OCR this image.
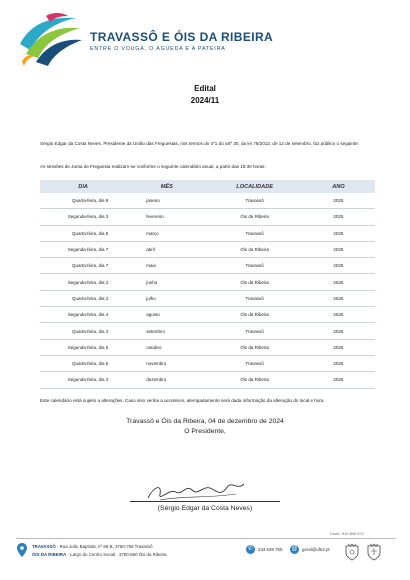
TRAVASSÔ E ÓIS DA RIBEIRA
ENTRE O VOUGA, O ÁGUEDA E A PATEIRA
Edital
2024/11
Sérgio Edgar da Costa Neves, Presidente da União das Freguesias, nos termos do nº1 do artº 20, da lei 75/2013, de 12 de setembro, faz público o seguinte:
As sessões de Junta de Freguesia realizam-se conforme o seguinte calendário anual, a partir das 18:30 horas:
DIA	MÊS	LOCALIDADE	ANO
Quarta-feira, dia 8	janeiro	Travassô	2025
Segunda-feira, dia 3	fevereiro	Óis da Ribeira	2025
Quarta-feira, dia 5	março	Travassô	2025
Segunda-feira, dia 7	abril	Óis da Ribeira	2025
Quarta-feira, dia 7	maio	Travassô	2025
Segunda-feira, dia 2	junho	Óis da Ribeira	2025
Quarta-feira, dia 2	julho	Travassô	2025
Segunda-feira, dia 4	agosto	Óis da Ribeira	2025
Quarta-feira, dia 3	setembro	Travassô	2025
Segunda-feira, dia 6	outubro	Óis da Ribeira	2025
Quarta-feira, dia 5	novembro	Travassô	2025
Segunda-feira, dia 3	dezembro	Óis da Ribeira	2025
Este calendário está sujeito a alterações. Caso isso venha a acontecer, atempadamente será dada informação da alteração do local e hora.
Travassô e Óis da Ribeira, 04 de dezembro de 2024
O Presidente,
(Sérgio Edgar da Costa Neves)
Contr. 510 840 671
TRAVASSÔ · Rua João Baptista, nº 95-B, 3750-755 Travassô
ÓIS DA RIBEIRA · Largo do Centro Social · 3750-650 Óis da Ribeira
✆	234 629 755 @	geral@uftor.pt
